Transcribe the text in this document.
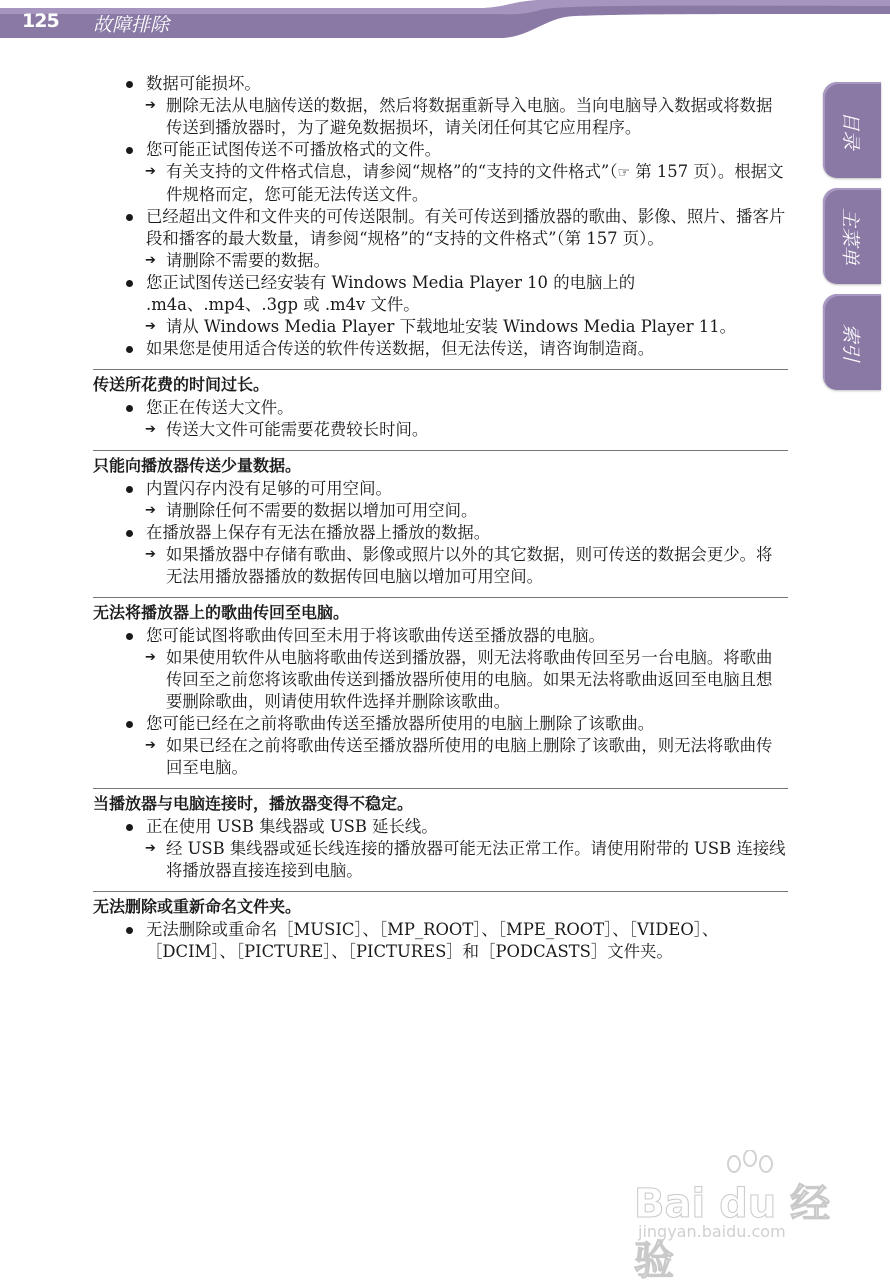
125 故障排除
目录
主菜单
索引
数据可能损坏。
➔ 删除无法从电脑传送的数据，然后将数据重新导入电脑。当向电脑导入数据或将数据传送到播放器时，为了避免数据损坏，请关闭任何其它应用程序。
您可能正试图传送不可播放格式的文件。
➔ 有关支持的文件格式信息，请参阅“规格”的“支持的文件格式”（☞ 第 157 页）。根据文件规格而定，您可能无法传送文件。
已经超出文件和文件夹的可传送限制。有关可传送到播放器的歌曲、影像、照片、播客片段和播客的最大数量，请参阅“规格”的“支持的文件格式”（第 157 页）。
➔ 请删除不需要的数据。
您正试图传送已经安装有 Windows Media Player 10 的电脑上的 .m4a、.mp4、.3gp 或 .m4v 文件。
➔ 请从 Windows Media Player 下载地址安装 Windows Media Player 11。
如果您是使用适合传送的软件传送数据，但无法传送，请咨询制造商。
传送所花费的时间过长。
您正在传送大文件。
➔ 传送大文件可能需要花费较长时间。
只能向播放器传送少量数据。
内置闪存内没有足够的可用空间。
➔ 请删除任何不需要的数据以增加可用空间。
在播放器上保存有无法在播放器上播放的数据。
➔ 如果播放器中存储有歌曲、影像或照片以外的其它数据，则可传送的数据会更少。将无法用播放器播放的数据传回电脑以增加可用空间。
无法将播放器上的歌曲传回至电脑。
您可能试图将歌曲传回至未用于将该歌曲传送至播放器的电脑。
➔ 如果使用软件从电脑将歌曲传送到播放器，则无法将歌曲传回至另一台电脑。将歌曲传回至之前您将该歌曲传送到播放器所使用的电脑。如果无法将歌曲返回至电脑且想要删除歌曲，则请使用软件选择并删除该歌曲。
您可能已经在之前将歌曲传送至播放器所使用的电脑上删除了该歌曲。
➔ 如果已经在之前将歌曲传送至播放器所使用的电脑上删除了该歌曲，则无法将歌曲传回至电脑。
当播放器与电脑连接时，播放器变得不稳定。
正在使用 USB 集线器或 USB 延长线。
➔ 经 USB 集线器或延长线连接的播放器可能无法正常工作。请使用附带的 USB 连接线将播放器直接连接到电脑。
无法删除或重新命名文件夹。
无法删除或重命名［MUSIC］、［MP_ROOT］、［MPE_ROOT］、［VIDEO］、［DCIM］、［PICTURE］、［PICTURES］和［PODCASTS］文件夹。
Bai du 经验
jingyan.baidu.com
